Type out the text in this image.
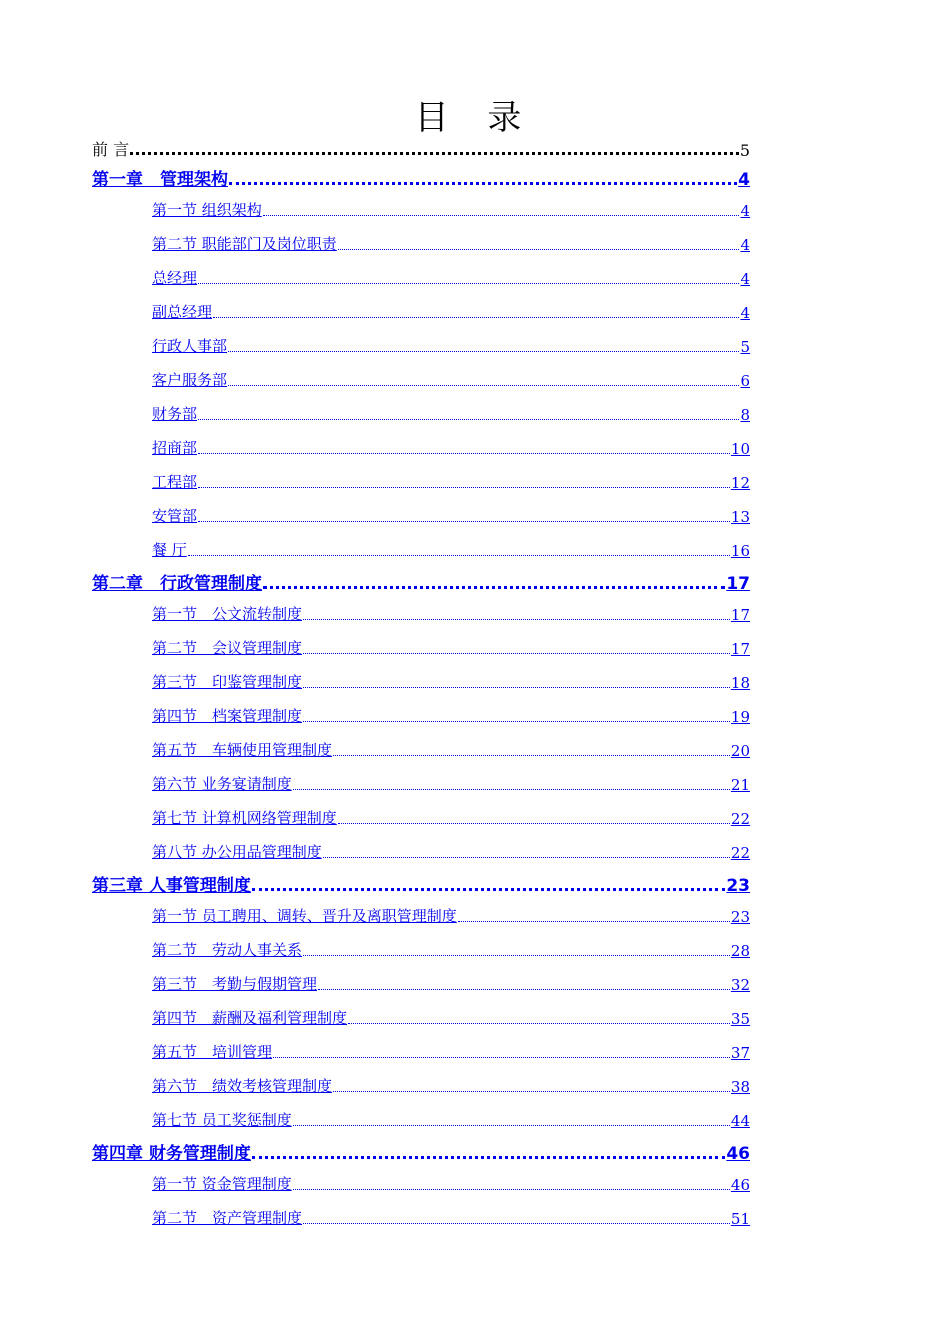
目 录
前 言	5
第一章　管理架构	4
第一节 组织架构	4
第二节 职能部门及岗位职责	4
总经理	4
副总经理	4
行政人事部	5
客户服务部	6
财务部	8
招商部	10
工程部	12
安管部	13
餐 厅	16
第二章　行政管理制度	17
第一节　公文流转制度	17
第二节　会议管理制度	17
第三节　印鉴管理制度	18
第四节　档案管理制度	19
第五节　车辆使用管理制度	20
第六节 业务宴请制度	21
第七节 计算机网络管理制度	22
第八节 办公用品管理制度	22
第三章 人事管理制度	23
第一节 员工聘用、调转、晋升及离职管理制度	23
第二节　劳动人事关系	28
第三节　考勤与假期管理	32
第四节　薪酬及福利管理制度	35
第五节　培训管理	37
第六节　绩效考核管理制度	38
第七节 员工奖惩制度	44
第四章 财务管理制度	46
第一节 资金管理制度	46
第二节　资产管理制度	51
